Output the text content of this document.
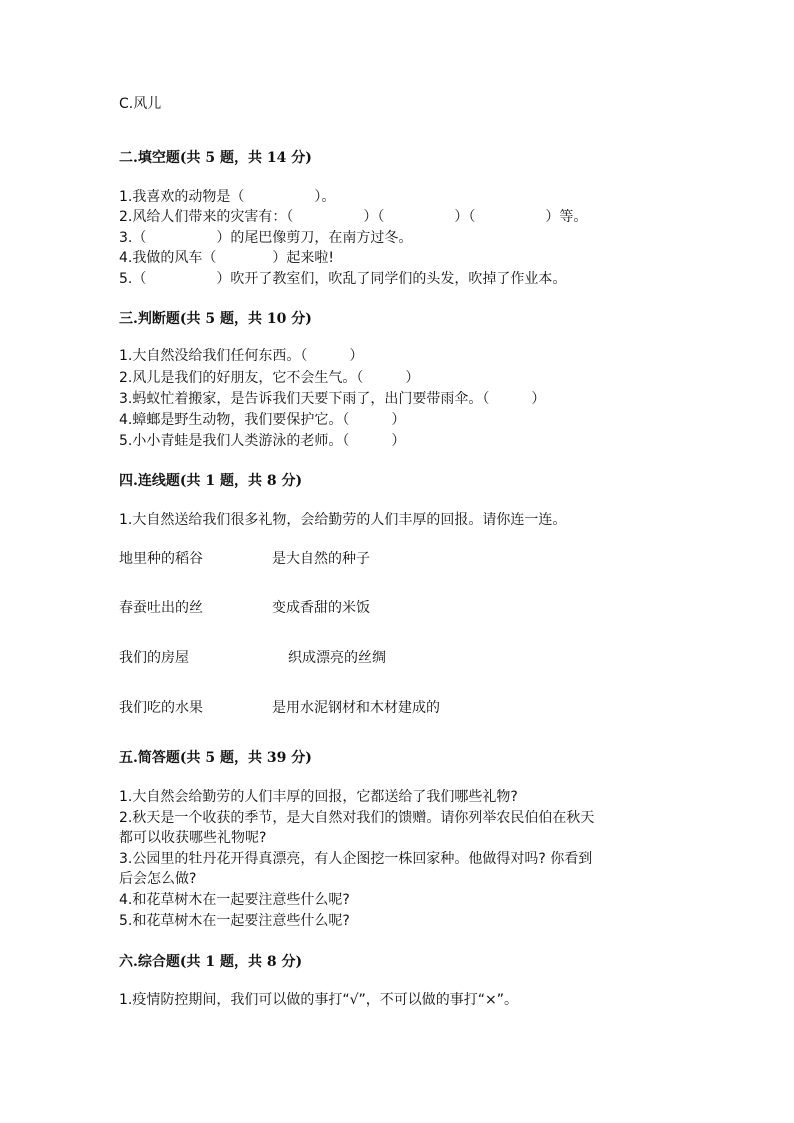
C.风儿
二.填空题(共 5 题，共 14 分)
1.我喜欢的动物是（　　　　　）。
2.风给人们带来的灾害有：（　　　　　）（　　　　　）（　　　　　）等。
3.（　　　　　）的尾巴像剪刀，在南方过冬。
4.我做的风车（　　　　）起来啦!
5.（　　　　　）吹开了教室们，吹乱了同学们的头发，吹掉了作业本。
三.判断题(共 5 题，共 10 分)
1.大自然没给我们任何东西。（　　　）
2.风儿是我们的好朋友，它不会生气。（　　　）
3.蚂蚁忙着搬家，是告诉我们天要下雨了，出门要带雨伞。（　　　）
4.蟑螂是野生动物，我们要保护它。（　　　）
5.小小青蛙是我们人类游泳的老师。（　　　）
四.连线题(共 1 题，共 8 分)
1.大自然送给我们很多礼物，会给勤劳的人们丰厚的回报。请你连一连。
地里种的稻谷	是大自然的种子
春蚕吐出的丝	变成香甜的米饭
我们的房屋	织成漂亮的丝绸
我们吃的水果	是用水泥钢材和木材建成的
五.简答题(共 5 题，共 39 分)
1.大自然会给勤劳的人们丰厚的回报，它都送给了我们哪些礼物?
2.秋天是一个收获的季节，是大自然对我们的馈赠。请你列举农民伯伯在秋天
都可以收获哪些礼物呢?
3.公园里的牡丹花开得真漂亮，有人企图挖一株回家种。他做得对吗? 你看到
后会怎么做?
4.和花草树木在一起要注意些什么呢?
5.和花草树木在一起要注意些什么呢?
六.综合题(共 1 题，共 8 分)
1.疫情防控期间，我们可以做的事打“√”，不可以做的事打“×”。
